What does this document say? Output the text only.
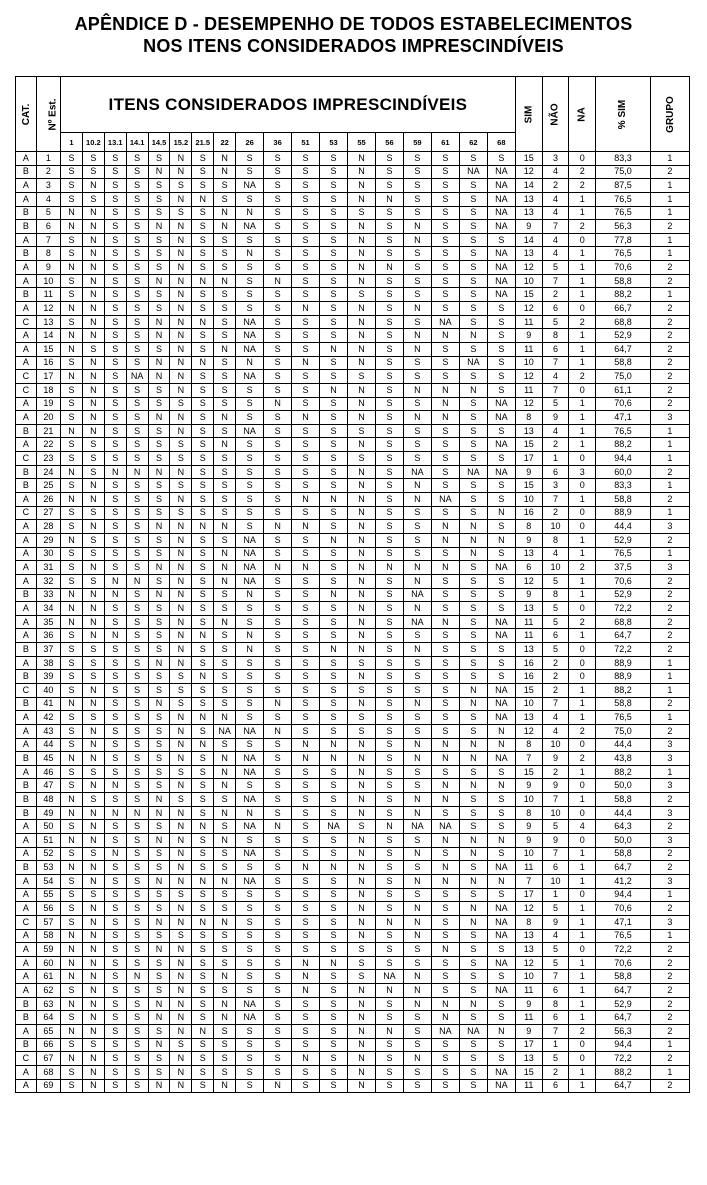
APÊNDICE D - DESEMPENHO DE TODOS ESTABELECIMENTOS
NOS ITENS CONSIDERADOS IMPRESCINDÍVEIS
CAT.	Nº Est.	ITENS CONSIDERADOS IMPRESCINDÍVEIS																		SIM	NÃO	NA	% SIM	GRUPO
		1	10.2	13.1	14.1	14.5	15.2	21.5	22	26	36	51	53	55	56	59	61	62	68					
A	1	S	S	S	S	S	N	S	N	S	S	S	S	N	S	S	S	S	S	15	3	0	83,3	1
B	2	S	S	S	S	N	N	S	N	S	S	S	S	N	S	S	S	NA	NA	12	4	2	75,0	2
A	3	S	N	S	S	S	S	S	S	NA	S	S	S	N	S	S	S	S	NA	14	2	2	87,5	1
A	4	S	S	S	S	S	N	N	S	S	S	S	S	N	N	S	S	S	NA	13	4	1	76,5	1
B	5	N	N	S	S	S	S	S	N	N	S	S	S	S	S	S	S	S	NA	13	4	1	76,5	1
B	6	N	N	S	S	N	N	S	N	NA	S	S	S	N	S	N	S	S	NA	9	7	2	56,3	2
A	7	S	N	S	S	S	N	S	S	S	S	S	S	N	S	N	S	S	S	14	4	0	77,8	1
B	8	S	N	S	S	S	N	S	S	N	S	S	S	N	S	S	S	S	NA	13	4	1	76,5	1
A	9	N	N	S	S	S	N	S	S	S	S	S	S	N	N	S	S	S	NA	12	5	1	70,6	2
A	10	S	N	S	S	N	N	N	N	S	N	S	S	N	S	S	S	S	NA	10	7	1	58,8	2
B	11	S	N	S	S	S	N	S	S	S	S	S	S	S	S	S	S	S	NA	15	2	1	88,2	1
A	12	N	N	S	S	S	N	S	S	S	S	N	S	N	S	N	S	S	S	12	6	0	66,7	2
C	13	S	N	S	S	N	N	N	S	NA	S	S	S	N	S	S	NA	S	S	11	5	2	68,8	2
A	14	N	N	S	S	N	N	S	S	NA	S	S	S	N	S	N	N	N	S	9	8	1	52,9	2
A	15	N	S	S	S	S	N	S	N	NA	S	S	N	N	S	N	S	S	S	11	6	1	64,7	2
A	16	S	N	S	S	N	N	N	S	N	S	N	S	N	S	S	S	NA	S	10	7	1	58,8	2
C	17	N	N	S	NA	N	N	S	S	NA	S	S	S	S	S	S	S	S	S	12	4	2	75,0	2
C	18	S	N	S	S	S	N	S	S	S	S	S	N	N	S	N	N	N	S	11	7	0	61,1	2
A	19	S	N	S	S	S	S	S	S	S	N	S	S	N	S	S	N	S	NA	12	5	1	70,6	2
A	20	S	N	S	S	N	N	S	N	S	S	N	S	N	S	N	N	S	NA	8	9	1	47,1	3
B	21	N	N	S	S	S	N	S	S	NA	S	S	S	S	S	S	S	S	S	13	4	1	76,5	1
A	22	S	S	S	S	S	S	S	N	S	S	S	S	N	S	S	S	S	NA	15	2	1	88,2	1
C	23	S	S	S	S	S	S	S	S	S	S	S	S	S	S	S	S	S	S	17	1	0	94,4	1
B	24	N	S	N	N	N	N	S	S	S	S	S	S	N	S	NA	S	NA	NA	9	6	3	60,0	2
B	25	S	N	S	S	S	S	S	S	S	S	S	S	N	S	N	S	S	S	15	3	0	83,3	1
A	26	N	N	S	S	S	N	S	S	S	S	N	N	N	S	N	NA	S	S	10	7	1	58,8	2
C	27	S	S	S	S	S	S	S	S	S	S	S	S	N	S	S	S	S	N	16	2	0	88,9	1
A	28	S	N	S	S	N	N	N	N	S	N	N	S	N	S	S	N	N	S	8	10	0	44,4	3
A	29	N	S	S	S	S	N	S	S	NA	S	S	N	N	S	S	N	N	N	9	8	1	52,9	2
A	30	S	S	S	S	S	N	S	N	NA	S	S	S	N	S	S	S	N	S	13	4	1	76,5	1
A	31	S	N	S	S	N	N	S	N	NA	N	N	S	N	N	N	N	S	NA	6	10	2	37,5	3
A	32	S	S	N	N	S	N	S	N	NA	S	S	S	N	S	N	S	S	S	12	5	1	70,6	2
B	33	N	N	N	S	N	N	S	S	N	S	S	N	N	S	NA	S	S	S	9	8	1	52,9	2
A	34	N	N	S	S	S	N	S	S	S	S	S	S	N	S	N	S	S	S	13	5	0	72,2	2
A	35	N	N	S	S	S	N	S	N	S	S	S	S	N	S	NA	N	S	NA	11	5	2	68,8	2
A	36	S	N	N	S	S	N	N	S	N	S	S	S	N	S	S	S	S	NA	11	6	1	64,7	2
B	37	S	S	S	S	S	N	S	S	N	S	S	N	N	S	N	S	S	S	13	5	0	72,2	2
A	38	S	S	S	S	N	N	S	S	S	S	S	S	S	S	S	S	S	S	16	2	0	88,9	1
B	39	S	S	S	S	S	S	N	S	S	S	S	S	N	S	S	S	S	S	16	2	0	88,9	1
C	40	S	N	S	S	S	S	S	S	S	S	S	S	S	S	S	S	N	NA	15	2	1	88,2	1
B	41	N	N	S	S	N	S	S	S	S	N	S	S	N	S	N	S	N	NA	10	7	1	58,8	2
A	42	S	S	S	S	S	N	N	N	S	S	S	S	S	S	S	S	S	NA	13	4	1	76,5	1
A	43	S	N	S	S	S	N	S	NA	NA	N	S	S	S	S	S	S	S	N	12	4	2	75,0	2
A	44	S	N	S	S	S	N	N	S	S	S	N	N	N	S	N	N	N	N	8	10	0	44,4	3
B	45	N	N	S	S	S	N	S	N	NA	S	N	N	N	S	N	N	N	NA	7	9	2	43,8	3
A	46	S	S	S	S	S	S	S	N	NA	S	S	S	N	S	S	S	S	S	15	2	1	88,2	1
B	47	S	N	N	S	S	N	S	N	S	S	S	S	N	S	S	N	N	N	9	9	0	50,0	3
B	48	N	S	S	S	N	S	S	S	NA	S	S	S	N	S	N	N	S	S	10	7	1	58,8	2
B	49	N	N	N	N	N	N	S	N	N	S	S	S	N	S	N	S	S	S	8	10	0	44,4	3
A	50	S	N	S	S	S	N	N	S	NA	N	S	NA	S	N	NA	NA	S	S	9	5	4	64,3	2
A	51	N	N	S	S	N	N	S	N	S	S	S	S	N	S	S	N	N	N	9	9	0	50,0	3
A	52	S	S	N	S	S	N	S	S	NA	S	S	S	N	S	N	S	N	S	10	7	1	58,8	2
B	53	N	N	S	S	S	N	S	S	S	S	N	N	N	S	S	N	S	NA	11	6	1	64,7	2
A	54	S	N	S	S	N	N	N	N	NA	S	S	S	N	S	N	N	N	N	7	10	1	41,2	3
A	55	S	S	S	S	S	S	S	S	S	S	S	S	N	S	S	S	S	S	17	1	0	94,4	1
A	56	S	N	S	S	S	N	S	S	S	S	S	S	N	S	N	S	N	NA	12	5	1	70,6	2
C	57	S	N	S	S	N	N	N	N	S	S	S	S	N	N	N	S	N	NA	8	9	1	47,1	3
A	58	N	N	S	S	S	S	S	S	S	S	S	S	N	S	N	S	S	NA	13	4	1	76,5	1
A	59	N	N	S	S	N	N	S	S	S	S	S	S	S	S	S	N	S	S	13	5	0	72,2	2
A	60	N	N	S	S	S	N	S	S	S	S	N	N	S	S	S	S	S	NA	12	5	1	70,6	2
A	61	N	N	S	N	S	N	S	N	S	S	N	S	S	NA	N	S	S	S	10	7	1	58,8	2
A	62	S	N	S	S	S	N	S	S	S	S	N	S	N	N	N	S	S	NA	11	6	1	64,7	2
B	63	N	N	S	S	N	N	S	N	NA	S	S	S	N	S	N	N	N	S	9	8	1	52,9	2
B	64	S	N	S	S	N	N	S	N	NA	S	S	S	N	S	S	N	S	S	11	6	1	64,7	2
A	65	N	N	S	S	S	N	N	S	S	S	S	S	N	N	S	NA	NA	N	9	7	2	56,3	2
B	66	S	S	S	S	N	S	S	S	S	S	S	S	N	S	S	S	S	S	17	1	0	94,4	1
C	67	N	N	S	S	S	N	S	S	S	S	N	S	N	S	N	S	S	S	13	5	0	72,2	2
A	68	S	N	S	S	S	N	S	S	S	S	S	S	N	S	S	S	S	NA	15	2	1	88,2	1
A	69	S	N	S	S	N	N	S	N	S	N	S	S	N	S	S	S	S	NA	11	6	1	64,7	2
